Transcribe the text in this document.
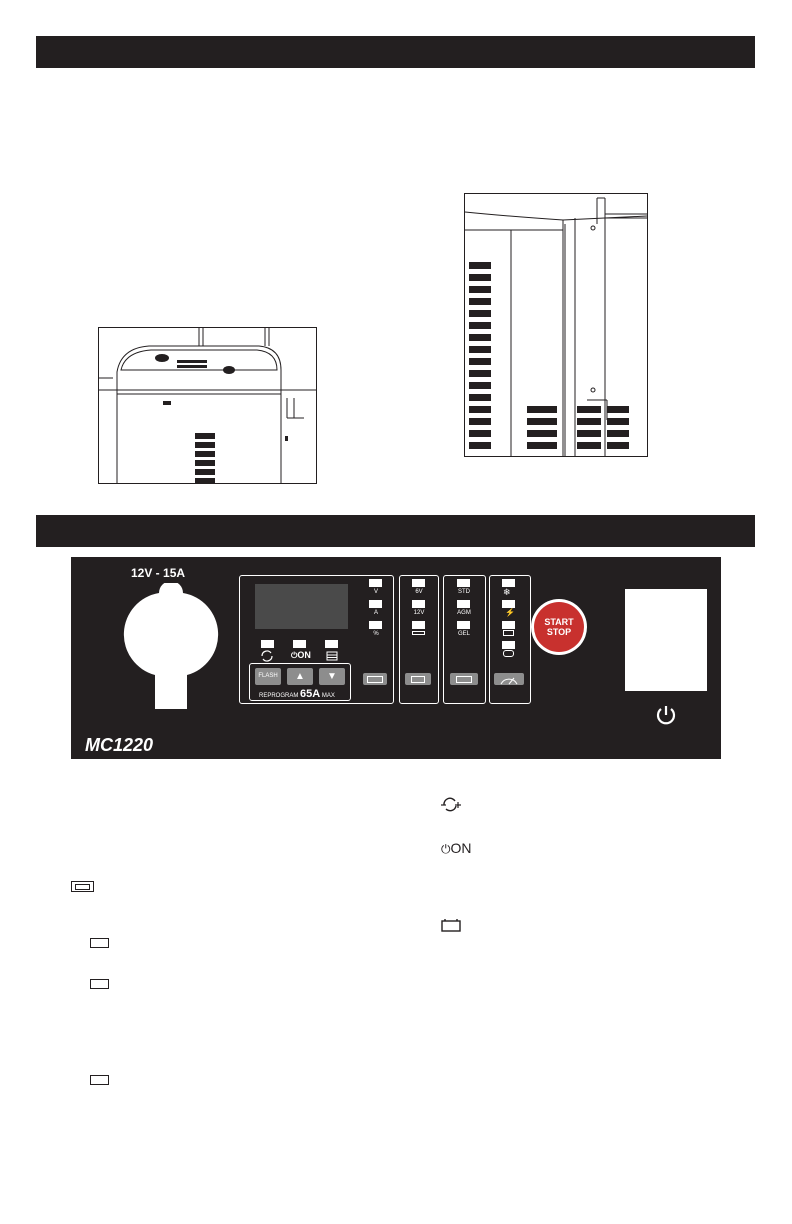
12V - 15A
MC1220
⏻ON
FLASH	▲	▼
REPROGRAM 65A MAX
V
A
%
6V
12V
STD
AGM
GEL
❄
⚡
START
STOP
⏻ON
